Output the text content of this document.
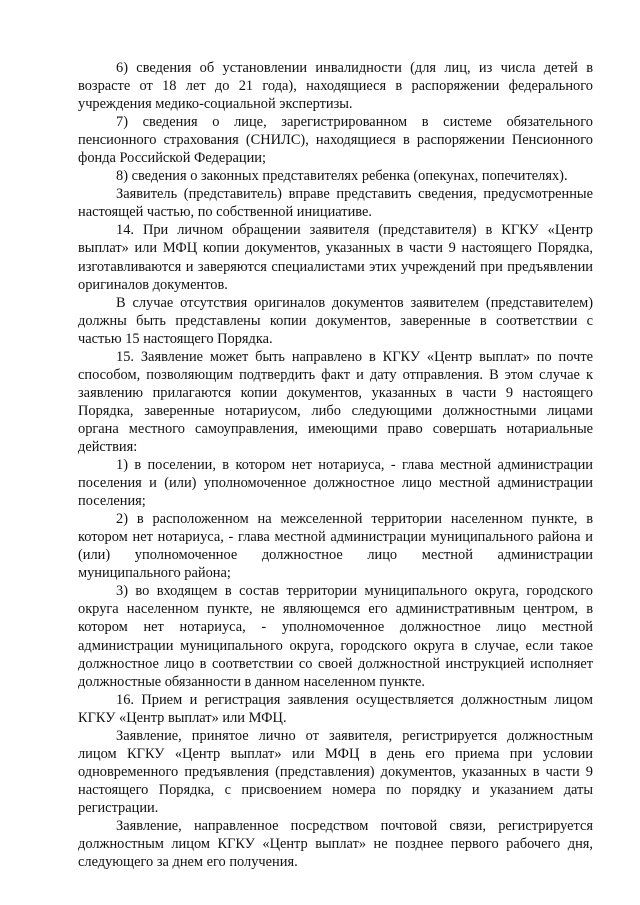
6) сведения об установлении инвалидности (для лиц, из числа детей в возрасте от 18 лет до 21 года), находящиеся в распоряжении федерального учреждения медико-социальной экспертизы.

7) сведения о лице, зарегистрированном в системе обязательного пенсионного страхования (СНИЛС), находящиеся в распоряжении Пенсионного фонда Российской Федерации;

8) сведения о законных представителях ребенка (опекунах, попечителях).

Заявитель (представитель) вправе представить сведения, предусмотренные настоящей частью, по собственной инициативе.

14. При личном обращении заявителя (представителя) в КГКУ «Центр выплат» или МФЦ копии документов, указанных в части 9 настоящего Порядка, изготавливаются и заверяются специалистами этих учреждений при предъявлении оригиналов документов.

В случае отсутствия оригиналов документов заявителем (представителем) должны быть представлены копии документов, заверенные в соответствии с частью 15 настоящего Порядка.

15. Заявление может быть направлено в КГКУ «Центр выплат» по почте способом, позволяющим подтвердить факт и дату отправления. В этом случае к заявлению прилагаются копии документов, указанных в части 9 настоящего Порядка, заверенные нотариусом, либо следующими должностными лицами органа местного самоуправления, имеющими право совершать нотариальные действия:

1) в поселении, в котором нет нотариуса, - глава местной администрации поселения и (или) уполномоченное должностное лицо местной администрации поселения;

2) в расположенном на межселенной территории населенном пункте, в котором нет нотариуса, - глава местной администрации муниципального района и (или) уполномоченное должностное лицо местной администрации муниципального района;

3) во входящем в состав территории муниципального округа, городского округа населенном пункте, не являющемся его административным центром, в котором нет нотариуса, - уполномоченное должностное лицо местной администрации муниципального округа, городского округа в случае, если такое должностное лицо в соответствии со своей должностной инструкцией исполняет должностные обязанности в данном населенном пункте.

16. Прием и регистрация заявления осуществляется должностным лицом КГКУ «Центр выплат» или МФЦ.

Заявление, принятое лично от заявителя, регистрируется должностным лицом КГКУ «Центр выплат» или МФЦ в день его приема при условии одновременного предъявления (представления) документов, указанных в части 9 настоящего Порядка, с присвоением номера по порядку и указанием даты регистрации.

Заявление, направленное посредством почтовой связи, регистрируется должностным лицом КГКУ «Центр выплат» не позднее первого рабочего дня, следующего за днем его получения.
